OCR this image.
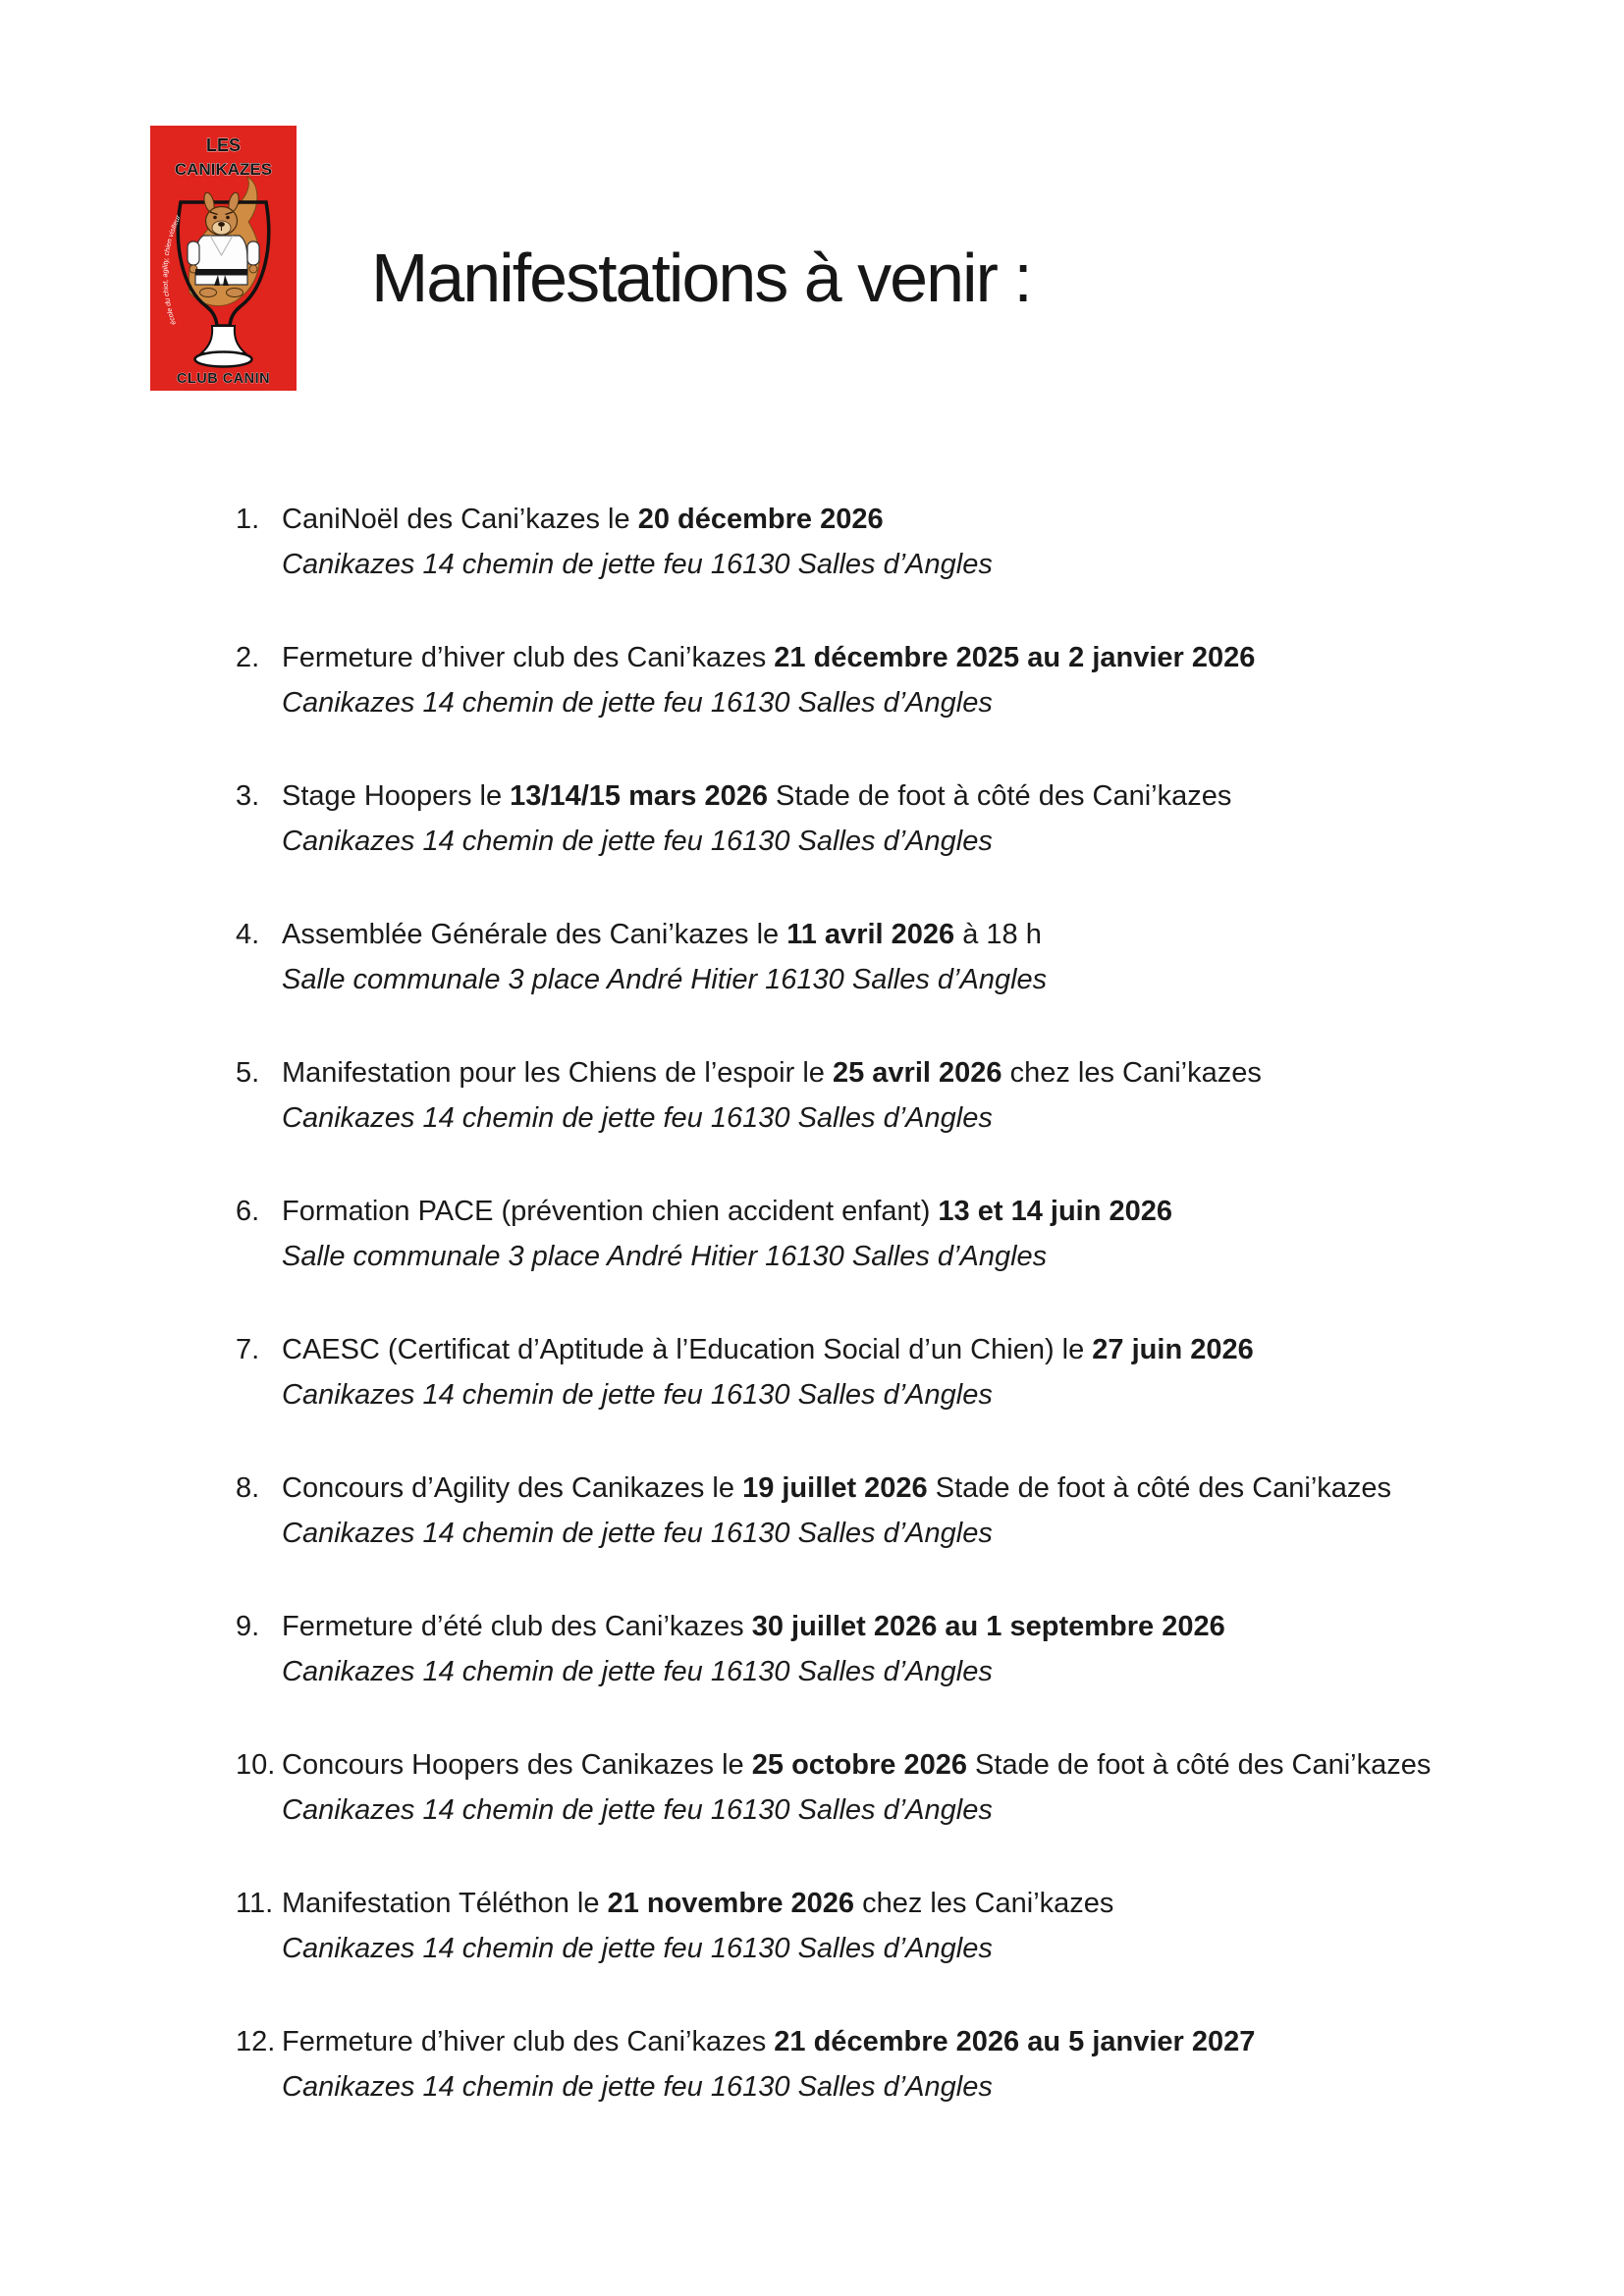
LES
CANIKAZES
école du chiot, agility, chien visiteur
CLUB CANIN
Manifestations à venir :
1. CaniNoël des Cani’kazes le 20 décembre 2026
Canikazes 14 chemin de jette feu 16130 Salles d’Angles
2. Fermeture d’hiver club des Cani’kazes 21 décembre 2025 au 2 janvier 2026
Canikazes 14 chemin de jette feu 16130 Salles d’Angles
3. Stage Hoopers le 13/14/15 mars 2026 Stade de foot à côté des Cani’kazes
Canikazes 14 chemin de jette feu 16130 Salles d’Angles
4. Assemblée Générale des Cani’kazes le 11 avril 2026 à 18 h
Salle communale 3 place André Hitier 16130 Salles d’Angles
5. Manifestation pour les Chiens de l’espoir le 25 avril 2026 chez les Cani’kazes
Canikazes 14 chemin de jette feu 16130 Salles d’Angles
6. Formation PACE (prévention chien accident enfant) 13 et 14 juin 2026
Salle communale 3 place André Hitier 16130 Salles d’Angles
7. CAESC (Certificat d’Aptitude à l’Education Social d’un Chien) le 27 juin 2026
Canikazes 14 chemin de jette feu 16130 Salles d’Angles
8. Concours d’Agility des Canikazes le 19 juillet 2026 Stade de foot à côté des Cani’kazes
Canikazes 14 chemin de jette feu 16130 Salles d’Angles
9. Fermeture d’été club des Cani’kazes 30 juillet 2026 au 1 septembre 2026
Canikazes 14 chemin de jette feu 16130 Salles d’Angles
10. Concours Hoopers des Canikazes le 25 octobre 2026 Stade de foot à côté des Cani’kazes
Canikazes 14 chemin de jette feu 16130 Salles d’Angles
11. Manifestation Téléthon le 21 novembre 2026 chez les Cani’kazes
Canikazes 14 chemin de jette feu 16130 Salles d’Angles
12. Fermeture d’hiver club des Cani’kazes 21 décembre 2026 au 5 janvier 2027
Canikazes 14 chemin de jette feu 16130 Salles d’Angles
